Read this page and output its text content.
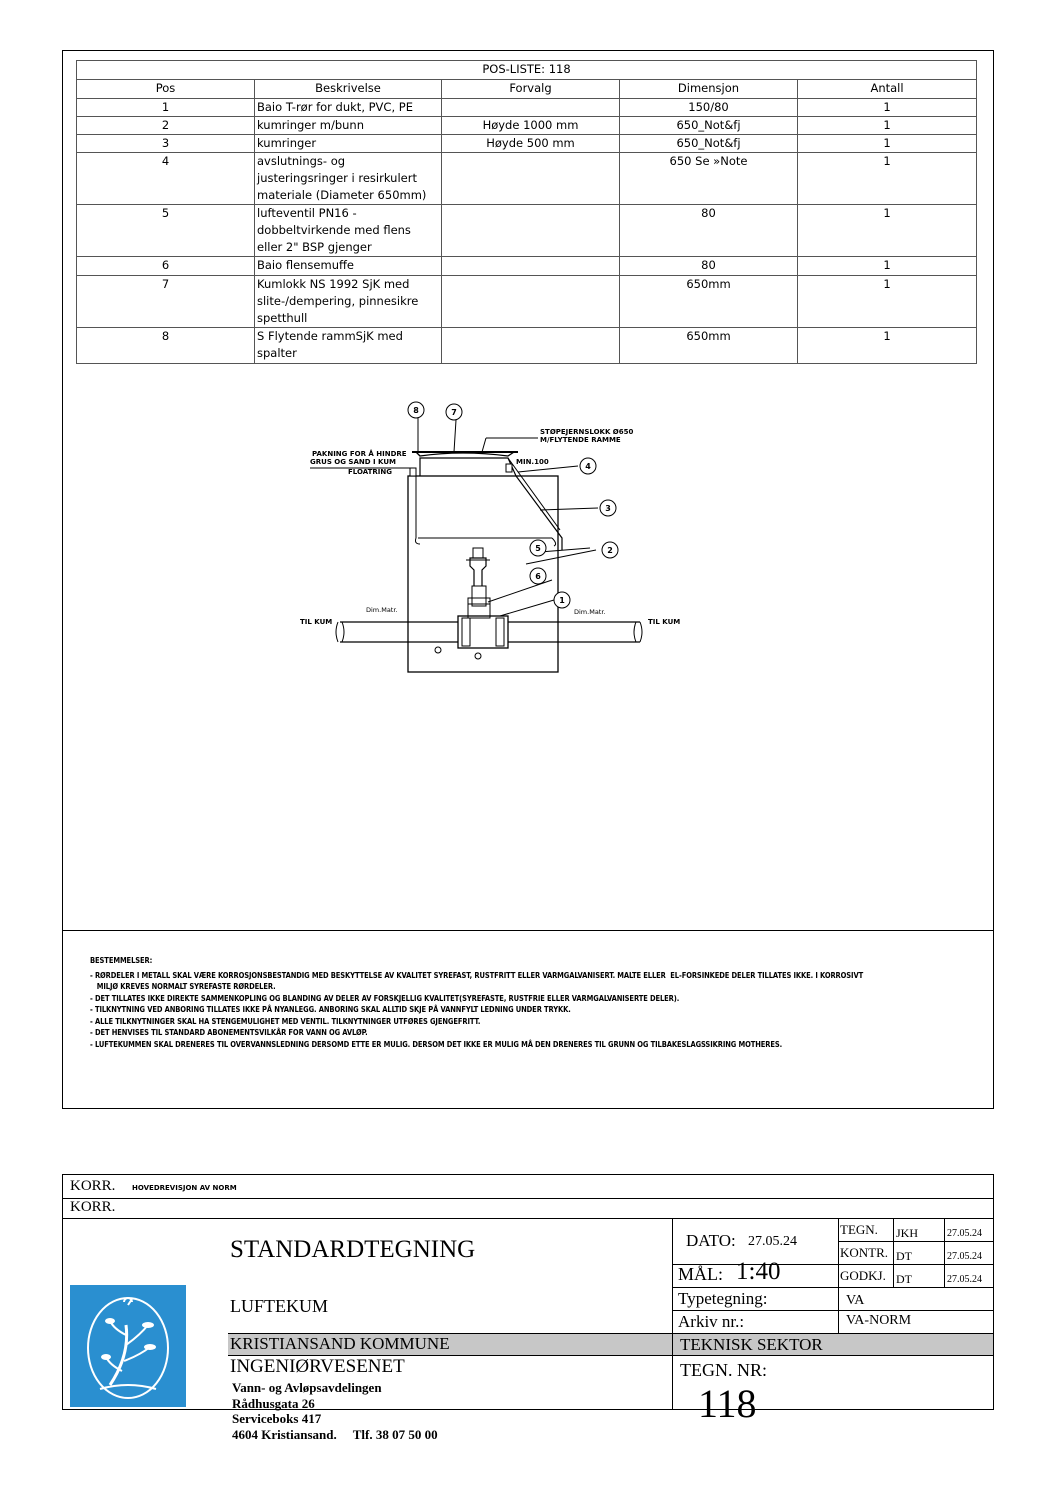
POS-LISTE: 118				
Pos	Beskrivelse	Forvalg	Dimensjon	Antall
1	Baio T-rør for dukt, PVC, PE		150/80	1
2	kumringer m/bunn	Høyde 1000 mm	650_Not&fj	1
3	kumringer	Høyde 500 mm	650_Not&fj	1
4	avslutnings- og justeringsringer i resirkulert materiale (Diameter 650mm)		650 Se »Note	1
5	lufteventil PN16 - dobbeltvirkende med flens eller 2" BSP gjenger		80	1
6	Baio flensemuffe		80	1
7	Kumlokk NS 1992 SjK med slite-/dempering, pinnesikre spetthull		650mm	1
8	S Flytende rammSjK med spalter		650mm	1
8	7
4
3
2
5
6
1
STØPEJERNSLOKK Ø650
M/FLYTENDE RAMME
PAKNING FOR Å HINDRE
GRUS OG SAND I KUM
FLOATRING
MIN.100
TIL KUM	TIL KUM
Dim.Matr.	Dim.Matr.
BESTEMMELSER:
- RØRDELER I METALL SKAL VÆRE KORROSJONSBESTANDIG MED BESKYTTELSE AV KVALITET SYREFAST, RUSTFRITT ELLER VARMGALVANISERT. MALTE ELLER  EL-FORSINKEDE DELER TILLATES IKKE. I KORROSIVT
MILJØ KREVES NORMALT SYREFASTE RØRDELER.
- DET TILLATES IKKE DIREKTE SAMMENKOPLING OG BLANDING AV DELER AV FORSKJELLIG KVALITET(SYREFASTE, RUSTFRIE ELLER VARMGALVANISERTE DELER).
- TILKNYTNING VED ANBORING TILLATES IKKE PÅ NYANLEGG. ANBORING SKAL ALLTID SKJE PÅ VANNFYLT LEDNING UNDER TRYKK.
- ALLE TILKNYTNINGER SKAL HA STENGEMULIGHET MED VENTIL. TILKNYTNINGER UTFØRES GJENGEFRITT.
- DET HENVISES TIL STANDARD ABONEMENTSVILKÅR FOR VANN OG AVLØP.
- LUFTEKUMMEN SKAL DRENERES TIL OVERVANNSLEDNING DERSOMD ETTE ER MULIG. DERSOM DET IKKE ER MULIG MÅ DEN DRENERES TIL GRUNN OG TILBAKESLAGSSIKRING MOTHERES.
KORR. HOVEDREVISJON AV NORM
KORR.
STANDARDTEGNING
LUFTEKUM
KRISTIANSAND KOMMUNE
INGENIØRVESENET
Vann- og Avløpsavdelingen
Rådhusgata 26
Serviceboks 417
4604 Kristiansand.     Tlf. 38 07 50 00
DATO: 27.05.24
MÅL: 1:40
Typetegning:	VA
Arkiv nr.:	VA-NORM
TEKNISK SEKTOR
TEGN. NR:
118
TEGN. JKH	27.05.24
KONTR. DT	27.05.24
GODKJ. DT	27.05.24
